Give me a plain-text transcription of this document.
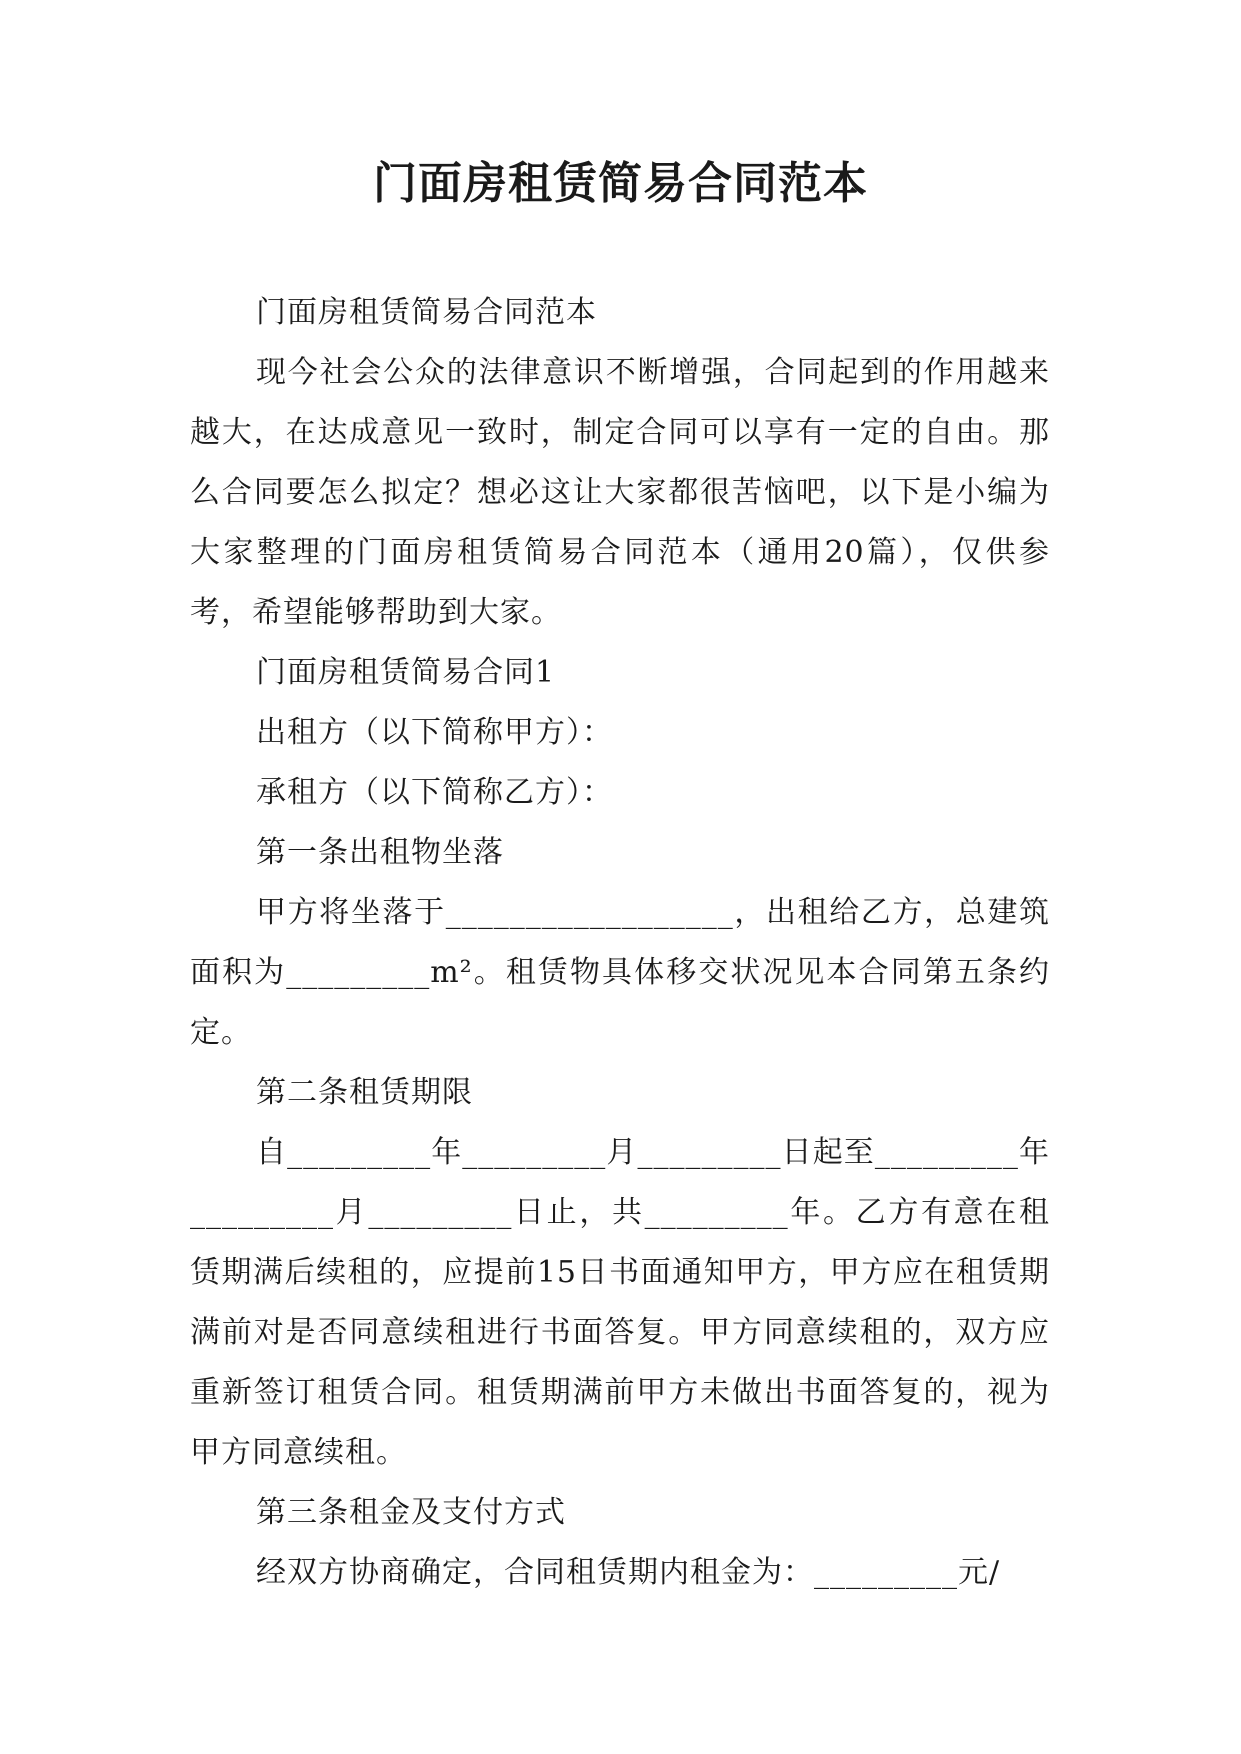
门面房租赁简易合同范本

门面房租赁简易合同范本

现今社会公众的法律意识不断增强，合同起到的作用越来越大，在达成意见一致时，制定合同可以享有一定的自由。那么合同要怎么拟定？想必这让大家都很苦恼吧，以下是小编为大家整理的门面房租赁简易合同范本（通用20篇），仅供参考，希望能够帮助到大家。

门面房租赁简易合同1

出租方（以下简称甲方）：

承租方（以下简称乙方）：

第一条出租物坐落

甲方将坐落于__________________，出租给乙方，总建筑面积为_________m²。租赁物具体移交状况见本合同第五条约定。

第二条租赁期限

自_________年_________月_________日起至_________年_________月_________日止，共_________年。乙方有意在租赁期满后续租的，应提前15日书面通知甲方，甲方应在租赁期满前对是否同意续租进行书面答复。甲方同意续租的，双方应重新签订租赁合同。租赁期满前甲方未做出书面答复的，视为甲方同意续租。

第三条租金及支付方式

经双方协商确定，合同租赁期内租金为：_________元/
